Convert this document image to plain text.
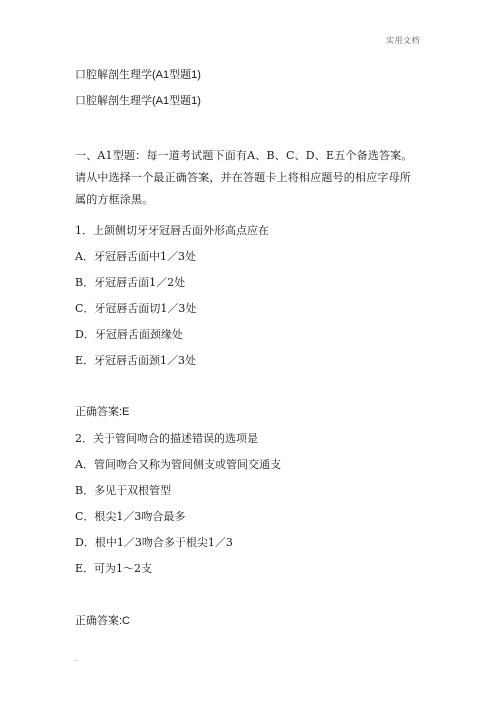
实用文档
口腔解剖生理学(A1型题1)
口腔解剖生理学(A1型题1)
一、A1型题：每一道考试题下面有A、B、C、D、E五个备选答案。请从中选择一个最正确答案，并在答题卡上将相应题号的相应字母所属的方框涂黑。
1．上颌侧切牙牙冠唇舌面外形高点应在
A．牙冠唇舌面中1／3处
B．牙冠唇舌面1／2处
C．牙冠唇舌面切1／3处
D．牙冠唇舌面颈缘处
E．牙冠唇舌面颈1／3处
正确答案:E
2．关于管间吻合的描述错误的选项是
A．管间吻合又称为管间侧支或管间交通支
B．多见于双根管型
C．根尖1／3吻合最多
D．根中1／3吻合多于根尖1／3
E．可为1～2支
正确答案:C
.
